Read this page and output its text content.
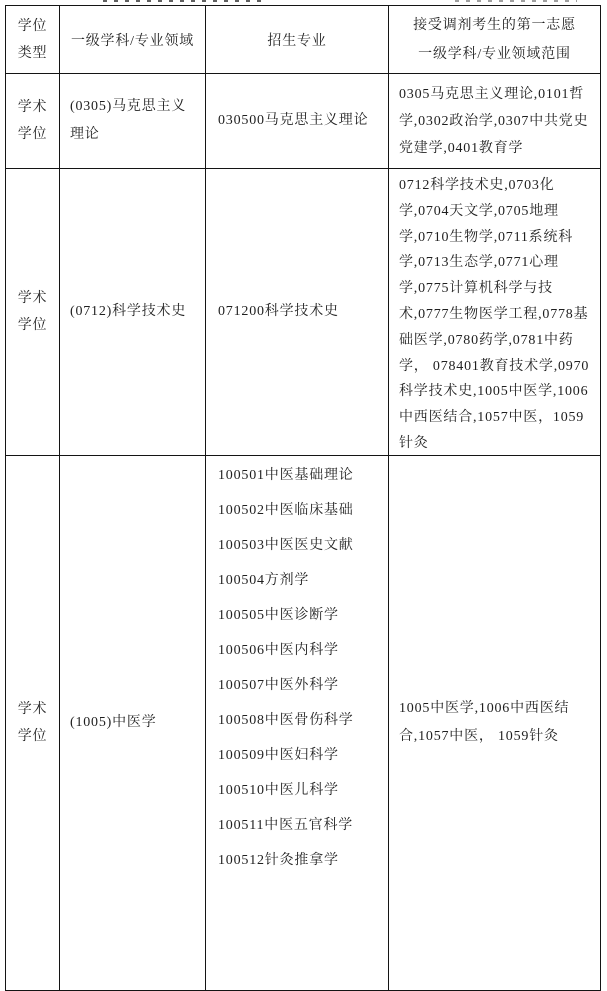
学位类型
一级学科/专业领域	招生专业
接受调剂考生的第一志愿
一级学科/专业领域范围
学术学位
(0305)马克思主义理论
030500马克思主义理论
0305马克思主义理论,0101哲学,0302政治学,0307中共党史党建学,0401教育学
学术学位
(0712)科学技术史 071200科学技术史
0712科学技术史,0703化学,0704天文学,0705地理学,0710生物学,0711系统科学,0713生态学,0771心理学,0775计算机科学与技术,0777生物医学工程,0778基础医学,0780药学,0781中药学， 078401教育技术学,0970科学技术史,1005中医学,1006中西医结合,1057中医，1059针灸
学术学位
(1005)中医学
100501中医基础理论
100502中医临床基础
100503中医医史文献
100504方剂学
100505中医诊断学
100506中医内科学
100507中医外科学
100508中医骨伤科学
100509中医妇科学
100510中医儿科学
100511中医五官科学
100512针灸推拿学
1005中医学,1006中西医结合,1057中医， 1059针灸
